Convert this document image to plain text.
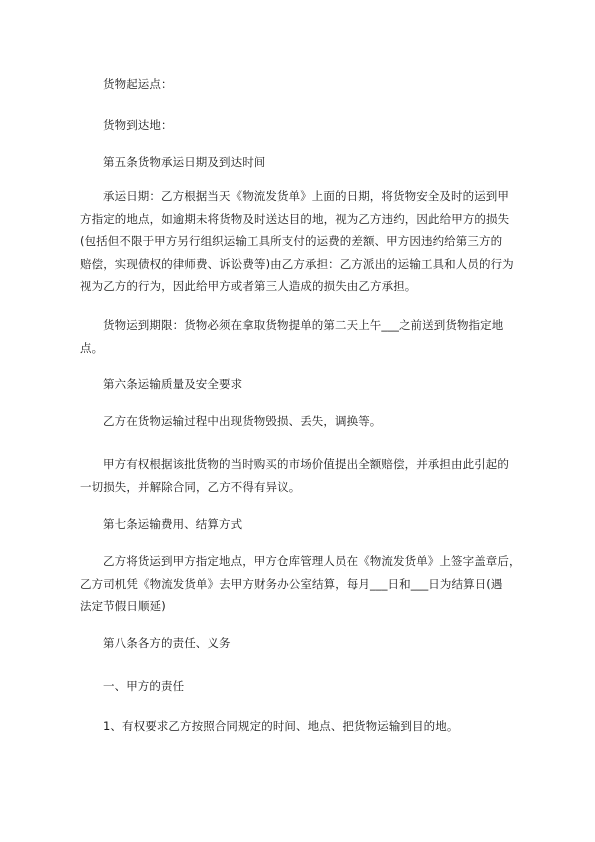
货物起运点：

货物到达地：

第五条货物承运日期及到达时间

承运日期：乙方根据当天《物流发货单》上面的日期，将货物安全及时的运到甲
方指定的地点，如逾期未将货物及时送达目的地，视为乙方违约，因此给甲方的损失
(包括但不限于甲方另行组织运输工具所支付的运费的差额、甲方因违约给第三方的
赔偿，实现债权的律师费、诉讼费等)由乙方承担：乙方派出的运输工具和人员的行为
视为乙方的行为，因此给甲方或者第三人造成的损失由乙方承担。

货物运到期限：货物必须在拿取货物提单的第二天上午___之前送到货物指定地
点。

第六条运输质量及安全要求

乙方在货物运输过程中出现货物毁损、丢失，调换等。

甲方有权根据该批货物的当时购买的市场价值提出全额赔偿，并承担由此引起的
一切损失，并解除合同，乙方不得有异议。

第七条运输费用、结算方式

乙方将货运到甲方指定地点，甲方仓库管理人员在《物流发货单》上签字盖章后，
乙方司机凭《物流发货单》去甲方财务办公室结算，每月___日和___日为结算日(遇
法定节假日顺延)

第八条各方的责任、义务

一、甲方的责任

1、有权要求乙方按照合同规定的时间、地点、把货物运输到目的地。
